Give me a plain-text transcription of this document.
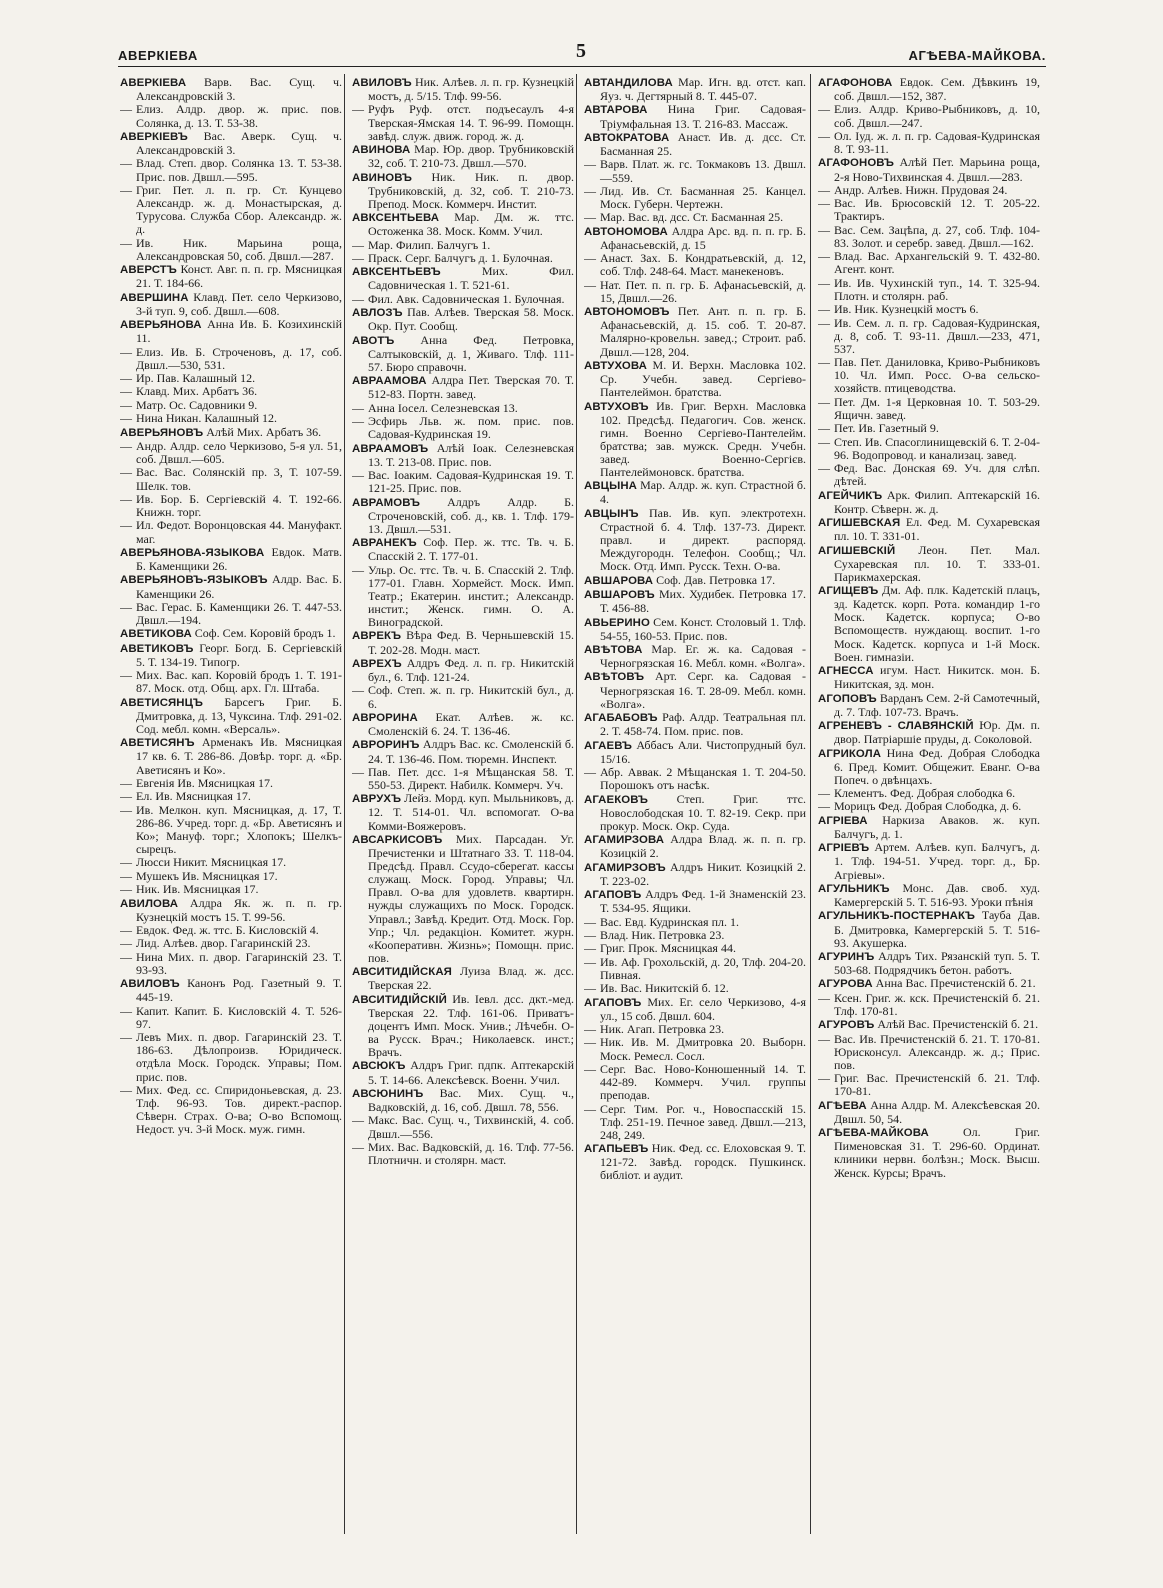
АВЕРКІЕВА	5	АГѢЕВА-МАЙКОВА.

АВЕРКІЕВА Варв. Вас. Сущ. ч. Александровскій 3.

— Елиз. Алдр. двор. ж. прис. пов. Солянка, д. 13. Т. 53-38.

АВЕРКІЕВЪ Вас. Аверк. Сущ. ч. Александровскій 3.

— Влад. Степ. двор. Солянка 13. Т. 53-38. Прис. пов. Двшл.—595.

— Григ. Пет. л. п. гр. Ст. Кунцево Александр. ж. д. Монастырская, д. Турусова. Служба Сбор. Александр. ж. д.

— Ив. Ник. Марьина роща, Александровская 50, соб. Двшл.—287.

АВЕРСТЪ Конст. Авг. п. п. гр. Мясницкая 21. Т. 184-66.

АВЕРШИНА Клавд. Пет. село Черкизово, 3-й туп. 9, соб. Двшл.—608.

АВЕРЬЯНОВА Анна Ив. Б. Козихинскій 11.

— Елиз. Ив. Б. Строченовъ, д. 17, соб. Двшл.—530, 531.

— Ир. Пав. Калашный 12.

— Клавд. Мих. Арбатъ 36.

— Матр. Ос. Садовники 9.

— Нина Никан. Калашный 12.

АВЕРЬЯНОВЪ Алѣй Мих. Арбатъ 36.

— Андр. Алдр. село Черкизово, 5-я ул. 51, соб. Двшл.—605.

— Вас. Вас. Солянскій пр. 3, Т. 107-59. Шелк. тов.

— Ив. Бор. Б. Сергіевскій 4. Т. 192-66. Книжн. торг.

— Ил. Федот. Воронцовская 44. Мануфакт. маг.

АВЕРЬЯНОВА-ЯЗЫКОВА Евдок. Матв. Б. Каменщики 26.

АВЕРЬЯНОВЪ-ЯЗЫКОВЪ Алдр. Вас. Б. Каменщики 26.

— Вас. Герас. Б. Каменщики 26. Т. 447-53. Двшл.—194.

АВЕТИКОВА Соф. Сем. Коровій бродъ 1.

АВЕТИКОВЪ Георг. Богд. Б. Сергіевскій 5. Т. 134-19. Типогр.

— Мих. Вас. кап. Коровій бродъ 1. Т. 191-87. Моск. отд. Общ. арх. Гл. Штаба.

АВЕТИСЯНЦЪ Барсегъ Григ. Б. Дмитровка, д. 13, Чуксина. Тлф. 291-02. Сод. мебл. комн. «Версаль».

АВЕТИСЯНЪ Арменакъ Ив. Мясницкая 17 кв. 6. Т. 286-86. Довѣр. торг. д. «Бр. Аветисянъ и Ко».

— Евгенія Ив. Мясницкая 17.

— Ел. Ив. Мясницкая 17.

— Ив. Мелкон. куп. Мясницкая, д. 17, Т. 286-86. Учред. торг. д. «Бр. Аветисянъ и Ко»; Мануф. торг.; Хлопокъ; Шелкъ-сырецъ.

— Люсси Никит. Мясницкая 17.

— Мушекъ Ив. Мясницкая 17.

— Ник. Ив. Мясницкая 17.

АВИЛОВА Алдра Як. ж. п. п. гр. Кузнецкій мостъ 15. Т. 99-56.

— Евдок. Фед. ж. ттс. Б. Кисловскій 4.

— Лид. Алѣев. двор. Гагаринскій 23.

— Нина Мих. п. двор. Гагаринскій 23. Т. 93-93.

АВИЛОВЪ Канонъ Род. Газетный 9. Т. 445-19.

— Капит. Капит. Б. Кисловскій 4. Т. 526-97.

— Левъ Мих. п. двор. Гагаринскій 23. Т. 186-63. Дѣлопроизв. Юридическ. отдѣла Моск. Городск. Управы; Пом. прис. пов.

— Мих. Фед. сс. Спиридоньевская, д. 23. Тлф. 96-93. Тов. директ.-распор. Сѣверн. Страх. О-ва; О-во Вспомощ. Недост. уч. 3-й Моск. муж. гимн.

АВИЛОВЪ Ник. Алѣев. л. п. гр. Кузнецкій мостъ, д. 5/15. Тлф. 99-56.

— Руфъ Руф. отст. подъесаулъ 4-я Тверская-Ямская 14. Т. 96-99. Помощн. завѣд. служ. движ. город. ж. д.

АВИНОВА Мар. Юр. двор. Трубниковскій 32, соб. Т. 210-73. Двшл.—570.

АВИНОВЪ Ник. Ник. п. двор. Трубниковскій, д. 32, соб. Т. 210-73. Препод. Моск. Коммерч. Инстит.

АВКСЕНТЬЕВА Мар. Дм. ж. ттс. Остоженка 38. Моск. Комм. Учил.

— Мар. Филип. Балчугъ 1.

— Праск. Серг. Балчугъ д. 1. Булочная.

АВКСЕНТЬЕВЪ	Мих. Фил. Садовническая 1. Т. 521-61.

— Фил. Авк. Садовническая 1. Булочная.

АВЛОЗЪ Пав. Алѣев. Тверская 58. Моск. Окр. Пут. Сообщ.

АВОТЪ Анна Фед. Петровка, Салтыковскій, д. 1, Живаго. Тлф. 111-57. Бюро справочн.

АВРААМОВА Алдра Пет. Тверская 70. Т. 512-83. Портн. завед.

— Анна Іосел. Селезневская 13.

— Эсфирь Льв. ж. пом. прис. пов. Садовая-Кудринская 19.

АВРААМОВЪ Алѣй Іоак. Селезневская 13. Т. 213-08. Прис. пов.

— Вас. Іоаким. Садовая-Кудринская 19. Т. 121-25. Прис. пов.

АВРАМОВЪ Алдръ Алдр. Б. Строченовскій, соб. д., кв. 1. Тлф. 179-13. Двшл.—531.

АВРАНЕКЪ Соф. Пер. ж. ттс. Тв. ч. Б. Спасскій 2. Т. 177-01.

— Ульр. Ос. ттс. Тв. ч. Б. Спасскій 2. Тлф. 177-01. Главн. Хормейст. Моск. Имп. Театр.; Екатерин. инстит.; Александр. инстит.; Женск. гимн. О. А. Виноградской.

АВРЕКЪ Вѣра Фед. В. Черньшевскій 15. Т. 202-28. Модн. маст.

АВРЕХЪ Алдръ Фед. л. п. гр. Никитскій бул., 6. Тлф. 121-24.

— Соф. Степ. ж. п. гр. Никитскій бул., д. 6.

АВРОРИНА Екат. Алѣев. ж. кс. Смоленскій 6. 24. Т. 136-46.

АВРОРИНЪ Алдръ Вас. кс. Смоленскій б. 24. Т. 136-46. Пом. тюремн. Инспект.

— Пав. Пет. дсс. 1-я Мѣщанская 58. Т. 550-53. Директ. Набилк. Коммерч. Уч.

АВРУХЪ Лейз. Морд. куп. Мыльниковъ, д. 12. Т. 514-01. Чл. вспомогат. О-ва Комми-Вояжеровъ.

АВСАРКИСОВЪ Мих. Парсадан. Уг. Пречистенки и Штатнаго 33. Т. 118-04. Предсѣд. Правл. Ссудо-сберегат. кассы служащ. Моск. Город. Управы; Чл. Правл. О-ва для удовлетв. квартирн. нужды служащихъ по Моск. Городск. Управл.; Завѣд. Кредит. Отд. Моск. Гор. Упр.; Чл. редакціон. Комитет. журн. «Кооперативн. Жизнь»; Помощн. прис. пов.

АВСИТИДІЙСКАЯ Луиза Влад. ж. дсс. Тверская 22.

АВСИТИДІЙСКІЙ Ив. Іевл. дсс. дкт.-мед. Тверская 22. Тлф. 161-06. Приватъ-доцентъ Имп. Моск. Унив.; Лѣчебн. О-ва Русск. Врач.; Николаевск. инст.; Врачъ.

АВСЮКЪ Алдръ Григ. пдпк. Аптекарскій 5. Т. 14-66. Алексѣевск. Военн. Учил.

АВСЮНИНЪ Вас. Мих. Сущ. ч., Вадковскій, д. 16, соб. Двшл. 78, 556.

— Макс. Вас. Сущ. ч., Тихвинскій, 4. соб. Двшл.—556.

— Мих. Вас. Вадковскій, д. 16. Тлф. 77-56. Плотничн. и столярн. маст.

АВТАНДИЛОВА Мар. Игн. вд. отст. кап. Яуз. ч. Дегтярный 8. Т. 445-07.

АВТАРОВА Нина Григ. Садовая-Тріумфальная 13. Т. 216-83. Массаж.

АВТОКРАТОВА Анаст. Ив. д. дсс. Ст. Басманная 25.

— Варв. Плат. ж. гс. Токмаковъ 13. Двшл.—559.

— Лид. Ив. Ст. Басманная 25. Канцел. Моск. Губерн. Чертежн.

— Мар. Вас. вд. дсс. Ст. Басманная 25.

АВТОНОМОВА Алдра Арс. вд. п. п. гр. Б. Афанасьевскій, д. 15

— Анаст. Зах. Б. Кондратьевскій, д. 12, соб. Тлф. 248-64. Маст. манекеновъ.

— Нат. Пет. п. п. гр. Б. Афанасьевскій, д. 15, Двшл.—26.

АВТОНОМОВЪ Пет. Ант. п. п. гр. Б. Афанасьевскій, д. 15. соб. Т. 20-87. Малярно-кровельн. завед.; Строит. раб. Двшл.—128, 204.

АВТУХОВА М. И. Верхн. Масловка 102. Ср. Учебн. завед. Сергіево-Пантелеймон. братства.

АВТУХОВЪ Ив. Григ. Верхн. Масловка 102. Предсѣд. Педагогич. Сов. женск. гимн. Военно Сергіево-Пантелейм. братства; зав. мужск. Средн. Учебн. завед. Военно-Сергієв. Пантелеймоновск. братства.

АВЦЫНА Мар. Алдр. ж. куп. Страстной б. 4.

АВЦЫНЪ Пав. Ив. куп. электротехн. Страстной б. 4. Тлф. 137-73. Директ. правл. и директ. распоряд. Междугородн. Телефон. Сообщ.; Чл. Моск. Отд. Имп. Русск. Техн. О-ва.

АВШАРОВА Соф. Дав. Петровка 17.

АВШАРОВЪ Мих. Худибек. Петровка 17. Т. 456-88.

АВЬЕРИНО Сем. Конст. Столовый 1. Тлф. 54-55, 160-53. Прис. пов.

АВѢТОВА Мар. Ег. ж. ка. Садовая - Черногрязская 16. Мебл. комн. «Волга».

АВѢТОВЪ Арт. Серг. ка. Садовая - Черногрязская 16. Т. 28-09. Мебл. комн. «Волга».

АГАБАБОВЪ Раф. Алдр. Театральная пл. 2. Т. 458-74. Пом. прис. пов.

АГАЕВЪ Аббасъ Али. Чистопрудный бул. 15/16.

— Абр. Аввак. 2 Мѣщанская 1. Т. 204-50. Порошокъ отъ насѣк.

АГАЕКОВЪ Степ. Григ. ттс. Новослободская 10. Т. 82-19. Секр. при прокур. Моск. Окр. Суда.

АГАМИРЗОВА Алдра Влад. ж. п. п. гр. Козицкій 2.

АГАМИРЗОВЪ Алдръ Никит. Козицкій 2. Т. 223-02.

АГАПОВЪ Алдръ Фед. 1-й Знаменскій 23. Т. 534-95. Ящики.

— Вас. Евд. Кудринская пл. 1.

— Влад. Ник. Петровка 23.

— Григ. Прок. Мясницкая 44.

— Ив. Аф. Грохольскій, д. 20, Тлф. 204-20. Пивная.

— Ив. Вас. Никитскій б. 12.

АГАПОВЪ Мих. Ег. село Черкизово, 4-я ул., 15 соб. Двшл. 604.

— Ник. Агап. Петровка 23.

— Ник. Ив. М. Дмитровка 20. Выборн. Моск. Ремесл. Сосл.

— Серг. Вас. Ново-Конюшенный 14. Т. 442-89. Коммерч. Учил. группы преподав.

— Серг. Тим. Рог. ч., Новоспасскій 15. Тлф. 251-19. Печное завед. Двшл.—213, 248, 249.

АГАПЬЕВЪ Ник. Фед. сс. Елоховская 9. Т. 121-72. Завѣд. городск. Пушкинск. библіот. и аудит.

АГАФОНОВА Евдок. Сем. Дѣвкинъ 19, соб. Двшл.—152, 387.

— Елиз. Алдр. Криво-Рыбниковъ, д. 10, соб. Двшл.—247.

— Ол. Іуд. ж. л. п. гр. Садовая-Кудринская 8. Т. 93-11.

АГАФОНОВЪ Алѣй Пет. Марьина роща, 2-я Ново-Тихвинская 4. Двшл.—283.

— Андр. Алѣев. Нижн. Прудовая 24.

— Вас. Ив. Брюсовскій 12. Т. 205-22. Трактиръ.

— Вас. Сем. Зацѣпа, д. 27, соб. Тлф. 104-83. Золот. и серебр. завед. Двшл.—162.

— Влад. Вас. Архангельскій 9. Т. 432-80. Агент. конт.

— Ив. Ив. Чухинскій туп., 14. Т. 325-94. Плотн. и столярн. раб.

— Ив. Ник. Кузнецкій мостъ 6.

— Ив. Сем. л. п. гр. Садовая-Кудринская, д. 8, соб. Т. 93-11. Двшл.—233, 471, 537.

— Пав. Пет. Даниловка, Криво-Рыбниковъ 10. Чл. Имп. Росс. О-ва сельско-хозяйств. птицеводства.

— Пет. Дм. 1-я Церковная 10. Т. 503-29. Ящичн. завед.

— Пет. Ив. Газетный 9.

— Степ. Ив. Спасоглинищевскій 6. Т. 2-04-96. Водопровод. и канализац. завед.

— Фед. Вас. Донская 69. Уч. для слѣп. дѣтей.

АГЕЙЧИКЪ Арк. Филип. Аптекарскій 16. Контр. Сѣверн. ж. д.

АГИШЕВСКАЯ Ел. Фед. М. Сухаревская пл. 10. Т. 331-01.

АГИШЕВСКІЙ Леон. Пет. Мал. Сухаревская пл. 10. Т. 333-01. Парикмахерская.

АГИЩЕВЪ Дм. Аф. плк. Кадетскій плацъ, зд. Кадетск. корп. Рота. командир 1-го Моск. Кадетск. корпуса; О-во Вспомоществ. нуждающ. воспит. 1-го Моск. Кадетск. корпуса и 1-й Моск. Воен. гимназіи.

АГНЕССА игум. Наст. Никитск. мон. Б. Никитская, зд. мон.

АГОПОВЪ Варданъ Сем. 2-й Самотечный, д. 7. Тлф. 107-73. Врачъ.

АГРЕНЕВЪ - СЛАВЯНСКІЙ Юр. Дм. п. двор. Патріаршіе пруды, д. Соколовой.

АГРИКОЛА Нина Фед. Добрая Слободка 6. Пред. Комит. Общежит. Еванг. О-ва Попеч. о двѣнцахъ.

— Клементъ. Фед. Добрая слободка 6.

— Морицъ Фед. Добрая Слободка, д. 6.

АГРІЕВА Наркиза Аваков. ж. куп. Балчугъ, д. 1.

АГРІЕВЪ Артем. Алѣев. куп. Балчугъ, д. 1. Тлф. 194-51. Учред. торг. д., Бр. Агріевы».

АГУЛЬНИКЪ Монс. Дав. своб. худ. Камергерскій 5. Т. 516-93. Уроки пѣнія

АГУЛЬНИКЪ-ПОСТЕРНАКЪ Тауба Дав. Б. Дмитровка, Камергерскій 5. Т. 516-93. Акушерка.

АГУРИНЪ Алдръ Тих. Рязанскій туп. 5. Т. 503-68. Подрядчикъ бетон. работъ.

АГУРОВА Анна Вас. Пречистенскій б. 21.

— Ксен. Григ. ж. кск. Пречистенскій б. 21. Тлф. 170-81.

АГУРОВЪ Алѣй Вас. Пречистенскій б. 21.

— Вас. Ив. Пречистенскій б. 21. Т. 170-81. Юрисконсул. Александр. ж. д.; Прис. пов.

— Григ. Вас. Пречистенскій б. 21. Тлф. 170-81.

АГѢЕВА Анна Алдр. М. Алексѣевская 20. Двшл. 50, 54.

АГѢЕВА-МАЙКОВА	Ол. Григ. Пименовская 31. Т. 296-60. Ординат. клиники нервн. болѣзн.; Моск. Высш. Женск. Курсы; Врачъ.
